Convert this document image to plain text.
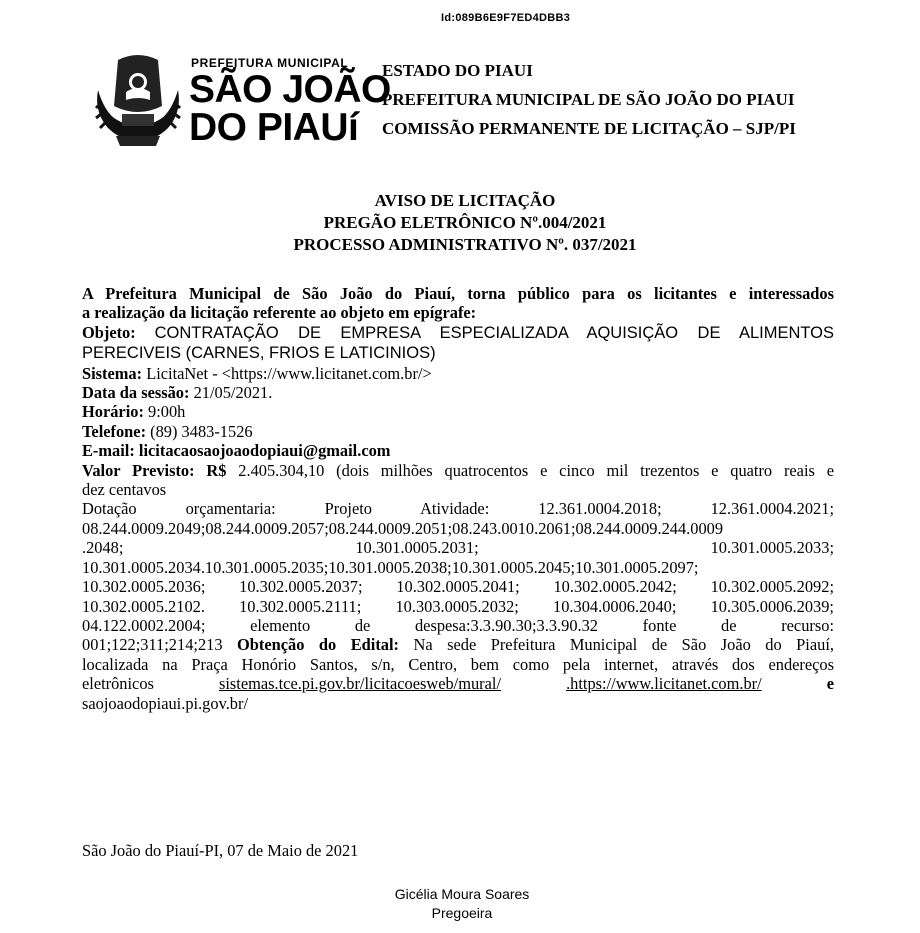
Id:089B6E9F7ED4DBB3
PREFEITURA MUNICIPAL
SÃO JOÃO
DO PIAUí
ESTADO DO PIAUI
PREFEITURA MUNICIPAL DE SÃO JOÃO DO PIAUI
COMISSÃO PERMANENTE DE LICITAÇÃO – SJP/PI
AVISO DE LICITAÇÃO
PREGÃO ELETRÔNICO Nº.004/2021
PROCESSO ADMINISTRATIVO Nº. 037/2021

A Prefeitura Municipal de São João do Piauí, torna público para os licitantes e interessados

a realização da licitação referente ao objeto em epígrafe:

Objeto: CONTRATAÇÃO DE EMPRESA ESPECIALIZADA AQUISIÇÃO DE ALIMENTOS

PERECIVEIS (CARNES, FRIOS E LATICINIOS)

Sistema: LicitaNet - <https://www.licitanet.com.br/>

Data da sessão: 21/05/2021.

Horário: 9:00h

Telefone: (89) 3483-1526

E-mail: licitacaosaojoaodopiaui@gmail.com

Valor Previsto: R$ 2.405.304,10 (dois milhões quatrocentos e cinco mil trezentos e quatro reais e

dez centavos

Dotação orçamentaria: Projeto Atividade: 12.361.0004.2018; 12.361.0004.2021;

08.244.0009.2049;08.244.0009.2057;08.244.0009.2051;08.243.0010.2061;08.244.0009.244.0009

.2048; 10.301.0005.2031; 10.301.0005.2033;

10.301.0005.2034.10.301.0005.2035;10.301.0005.2038;10.301.0005.2045;10.301.0005.2097;

10.302.0005.2036; 10.302.0005.2037; 10.302.0005.2041; 10.302.0005.2042; 10.302.0005.2092;

10.302.0005.2102. 10.302.0005.2111; 10.303.0005.2032; 10.304.0006.2040; 10.305.0006.2039;

04.122.0002.2004; elemento de despesa:3.3.90.30;3.3.90.32 fonte de recurso:

001;122;311;214;213 Obtenção do Edital: Na sede Prefeitura Municipal de São João do Piauí,

localizada na Praça Honório Santos, s/n, Centro, bem como pela internet, através dos endereços

eletrônicos	sistemas.tce.pi.gov.br/licitacoesweb/mural/	.https://www.licitanet.com.br/	e

saojoaodopiaui.pi.gov.br/

São João do Piauí-PI, 07 de Maio de 2021
Gicélia Moura Soares
Pregoeira
